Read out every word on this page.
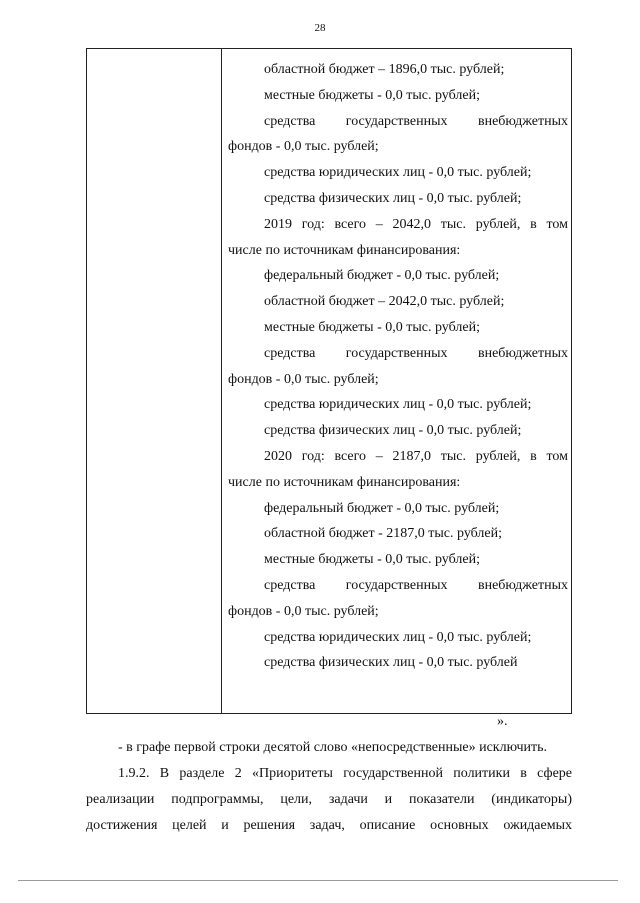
28
областной бюджет – 1896,0 тыс. рублей;
местные бюджеты - 0,0 тыс. рублей;
средства государственных внебюджетных
фондов - 0,0 тыс. рублей;
средства юридических лиц - 0,0 тыс. рублей;
средства физических лиц - 0,0 тыс. рублей;
2019 год: всего – 2042,0 тыс. рублей, в том
числе по источникам финансирования:
федеральный бюджет - 0,0 тыс. рублей;
областной бюджет – 2042,0 тыс. рублей;
местные бюджеты - 0,0 тыс. рублей;
средства государственных внебюджетных
фондов - 0,0 тыс. рублей;
средства юридических лиц - 0,0 тыс. рублей;
средства физических лиц - 0,0 тыс. рублей;
2020 год: всего – 2187,0 тыс. рублей, в том
числе по источникам финансирования:
федеральный бюджет - 0,0 тыс. рублей;
областной бюджет - 2187,0 тыс. рублей;
местные бюджеты - 0,0 тыс. рублей;
средства государственных внебюджетных
фондов - 0,0 тыс. рублей;
средства юридических лиц - 0,0 тыс. рублей;
средства физических лиц - 0,0 тыс. рублей
».
- в графе первой строки десятой слово «непосредственные» исключить.
1.9.2. В разделе 2 «Приоритеты государственной политики в сфере
реализации подпрограммы, цели, задачи и показатели (индикаторы)
достижения целей и решения задач, описание основных ожидаемых
